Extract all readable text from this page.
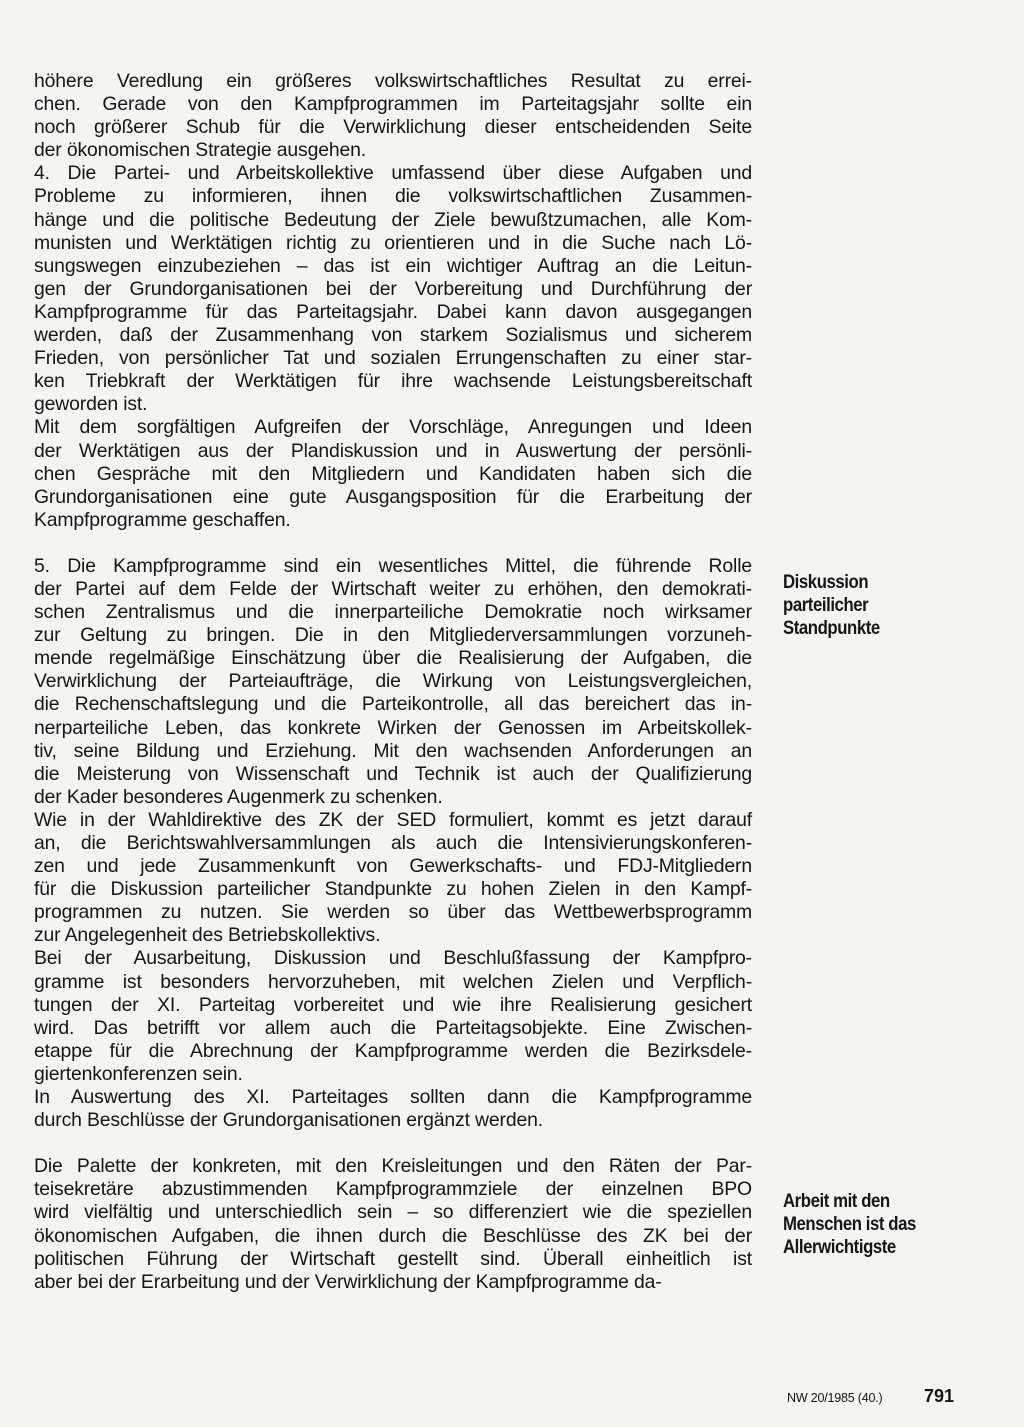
höhere Veredlung ein größeres volkswirtschaftliches Resultat zu errei-

chen. Gerade von den Kampfprogrammen im Parteitagsjahr sollte ein

noch größerer Schub für die Verwirklichung dieser entscheidenden Seite

der ökonomischen Strategie ausgehen.

4. Die Partei- und Arbeitskollektive umfassend über diese Aufgaben und

Probleme zu informieren, ihnen die volkswirtschaftlichen Zusammen-

hänge und die politische Bedeutung der Ziele bewußtzumachen, alle Kom-

munisten und Werktätigen richtig zu orientieren und in die Suche nach Lö-

sungswegen einzubeziehen – das ist ein wichtiger Auftrag an die Leitun-

gen der Grundorganisationen bei der Vorbereitung und Durchführung der

Kampfprogramme für das Parteitagsjahr. Dabei kann davon ausgegangen

werden, daß der Zusammenhang von starkem Sozialismus und sicherem

Frieden, von persönlicher Tat und sozialen Errungenschaften zu einer star-

ken Triebkraft der Werktätigen für ihre wachsende Leistungsbereitschaft

geworden ist.

Mit dem sorgfältigen Aufgreifen der Vorschläge, Anregungen und Ideen

der Werktätigen aus der Plandiskussion und in Auswertung der persönli-

chen Gespräche mit den Mitgliedern und Kandidaten haben sich die

Grundorganisationen eine gute Ausgangsposition für die Erarbeitung der

Kampfprogramme geschaffen.

5. Die Kampfprogramme sind ein wesentliches Mittel, die führende Rolle

der Partei auf dem Felde der Wirtschaft weiter zu erhöhen, den demokrati-

schen Zentralismus und die innerparteiliche Demokratie noch wirksamer

zur Geltung zu bringen. Die in den Mitgliederversammlungen vorzuneh-

mende regelmäßige Einschätzung über die Realisierung der Aufgaben, die

Verwirklichung der Parteiaufträge, die Wirkung von Leistungsvergleichen,

die Rechenschaftslegung und die Parteikontrolle, all das bereichert das in-

nerparteiliche Leben, das konkrete Wirken der Genossen im Arbeitskollek-

tiv, seine Bildung und Erziehung. Mit den wachsenden Anforderungen an

die Meisterung von Wissenschaft und Technik ist auch der Qualifizierung

der Kader besonderes Augenmerk zu schenken.

Wie in der Wahldirektive des ZK der SED formuliert, kommt es jetzt darauf

an, die Berichtswahlversammlungen als auch die Intensivierungskonferen-

zen und jede Zusammenkunft von Gewerkschafts- und FDJ-Mitgliedern

für die Diskussion parteilicher Standpunkte zu hohen Zielen in den Kampf-

programmen zu nutzen. Sie werden so über das Wettbewerbsprogramm

zur Angelegenheit des Betriebskollektivs.

Bei der Ausarbeitung, Diskussion und Beschlußfassung der Kampfpro-

gramme ist besonders hervorzuheben, mit welchen Zielen und Verpflich-

tungen der XI. Parteitag vorbereitet und wie ihre Realisierung gesichert

wird. Das betrifft vor allem auch die Parteitagsobjekte. Eine Zwischen-

etappe für die Abrechnung der Kampfprogramme werden die Bezirksdele-

giertenkonferenzen sein.

In Auswertung des XI. Parteitages sollten dann die Kampfprogramme

durch Beschlüsse der Grundorganisationen ergänzt werden.

Die Palette der konkreten, mit den Kreisleitungen und den Räten der Par-

teisekretäre abzustimmenden Kampfprogrammziele der einzelnen BPO

wird vielfältig und unterschiedlich sein – so differenziert wie die speziellen

ökonomischen Aufgaben, die ihnen durch die Beschlüsse des ZK bei der

politischen Führung der Wirtschaft gestellt sind. Überall einheitlich ist

aber bei der Erarbeitung und der Verwirklichung der Kampfprogramme da-

Diskussion
parteilicher
Standpunkte
Arbeit mit den
Menschen ist das
Allerwichtigste
NW 20/1985 (40.) 791
